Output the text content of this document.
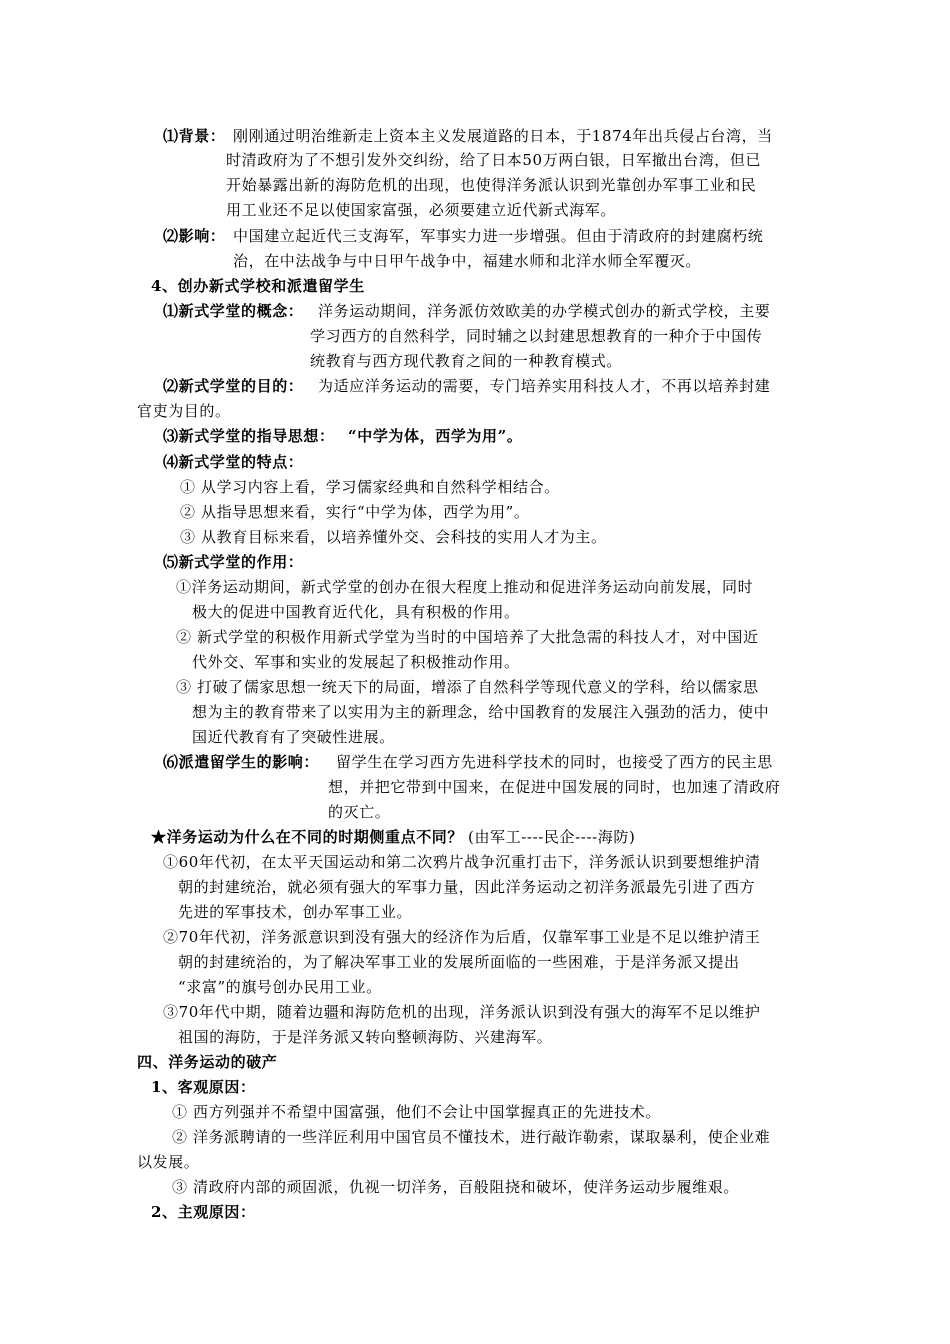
⑴背景： 刚刚通过明治维新走上资本主义发展道路的日本，于1874年出兵侵占台湾，当
时清政府为了不想引发外交纠纷，给了日本50万两白银，日军撤出台湾，但已
开始暴露出新的海防危机的出现，也使得洋务派认识到光靠创办军事工业和民
用工业还不足以使国家富强，必须要建立近代新式海军。
⑵影响： 中国建立起近代三支海军，军事实力进一步增强。但由于清政府的封建腐朽统
治，在中法战争与中日甲午战争中，福建水师和北洋水师全军覆灭。
4、创办新式学校和派遣留学生
⑴新式学堂的概念： 洋务运动期间，洋务派仿效欧美的办学模式创办的新式学校，主要
学习西方的自然科学，同时辅之以封建思想教育的一种介于中国传
统教育与西方现代教育之间的一种教育模式。
⑵新式学堂的目的： 为适应洋务运动的需要，专门培养实用科技人才，不再以培养封建
官吏为目的。
⑶新式学堂的指导思想： “中学为体，西学为用”。
⑷新式学堂的特点：
① 从学习内容上看，学习儒家经典和自然科学相结合。
② 从指导思想来看，实行“中学为体，西学为用”。
③ 从教育目标来看，以培养懂外交、会科技的实用人才为主。
⑸新式学堂的作用：
①洋务运动期间，新式学堂的创办在很大程度上推动和促进洋务运动向前发展，同时
极大的促进中国教育近代化，具有积极的作用。
② 新式学堂的积极作用新式学堂为当时的中国培养了大批急需的科技人才，对中国近
代外交、军事和实业的发展起了积极推动作用。
③ 打破了儒家思想一统天下的局面，增添了自然科学等现代意义的学科，给以儒家思
想为主的教育带来了以实用为主的新理念，给中国教育的发展注入强劲的活力，使中
国近代教育有了突破性进展。
⑹派遣留学生的影响： 留学生在学习西方先进科学技术的同时，也接受了西方的民主思
想，并把它带到中国来，在促进中国发展的同时，也加速了清政府
的灭亡。
★洋务运动为什么在不同的时期侧重点不同？ (由军工----民企----海防)
①60年代初，在太平天国运动和第二次鸦片战争沉重打击下，洋务派认识到要想维护清
朝的封建统治，就必须有强大的军事力量，因此洋务运动之初洋务派最先引进了西方
先进的军事技术，创办军事工业。
②70年代初，洋务派意识到没有强大的经济作为后盾，仅靠军事工业是不足以维护清王
朝的封建统治的，为了解决军事工业的发展所面临的一些困难，于是洋务派又提出
“求富”的旗号创办民用工业。
③70年代中期，随着边疆和海防危机的出现，洋务派认识到没有强大的海军不足以维护
祖国的海防，于是洋务派又转向整顿海防、兴建海军。
四、洋务运动的破产
1、客观原因：
① 西方列强并不希望中国富强，他们不会让中国掌握真正的先进技术。
② 洋务派聘请的一些洋匠利用中国官员不懂技术，进行敲诈勒索，谋取暴利，使企业难
以发展。
③ 清政府内部的顽固派，仇视一切洋务，百般阻挠和破坏，使洋务运动步履维艰。
2、主观原因：
